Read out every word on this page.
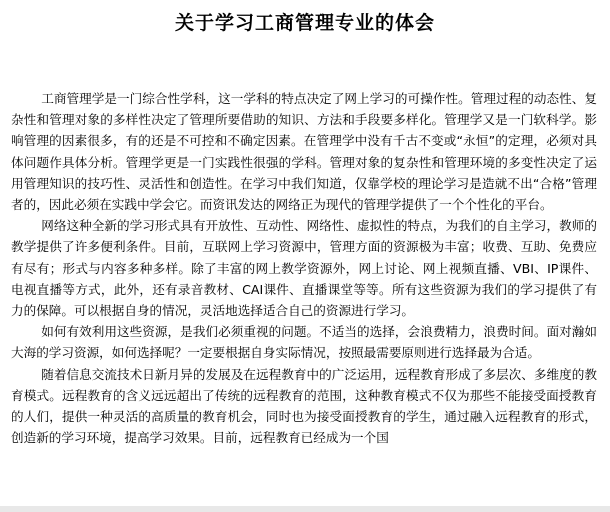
关于学习工商管理专业的体会

工商管理学是一门综合性学科，这一学科的特点决定了网上学习的可操作性。管理过程的动态性、复杂性和管理对象的多样性决定了管理所要借助的知识、方法和手段要多样化。管理学又是一门软科学。影响管理的因素很多，有的还是不可控和不确定因素。在管理学中没有千古不变或“永恒”的定理，必须对具体问题作具体分析。管理学更是一门实践性很强的学科。管理对象的复杂性和管理环境的多变性决定了运用管理知识的技巧性、灵活性和创造性。在学习中我们知道，仅靠学校的理论学习是造就不出“合格”管理者的，因此必须在实践中学会它。而资讯发达的网络正为现代的管理学提供了一个个性化的平台。

网络这种全新的学习形式具有开放性、互动性、网络性、虚拟性的特点，为我们的自主学习，教师的教学提供了许多便利条件。目前，互联网上学习资源中，管理方面的资源极为丰富；收费、互助、免费应有尽有；形式与内容多种多样。除了丰富的网上教学资源外，网上讨论、网上视频直播、VBI、IP课件、电视直播等方式，此外，还有录音教材、CAI课件、直播课堂等等。所有这些资源为我们的学习提供了有力的保障。可以根据自身的情况，灵活地选择适合自己的资源进行学习。

如何有效利用这些资源，是我们必须重视的问题。不适当的选择，会浪费精力，浪费时间。面对瀚如大海的学习资源，如何选择呢？一定要根据自身实际情况，按照最需要原则进行选择最为合适。

随着信息交流技术日新月异的发展及在远程教育中的广泛运用，远程教育形成了多层次、多维度的教育模式。远程教育的含义远远超出了传统的远程教育的范围，这种教育模式不仅为那些不能接受面授教育的人们，提供一种灵活的高质量的教育机会，同时也为接受面授教育的学生，通过融入远程教育的形式，创造新的学习环境，提高学习效果。目前，远程教育已经成为一个国
